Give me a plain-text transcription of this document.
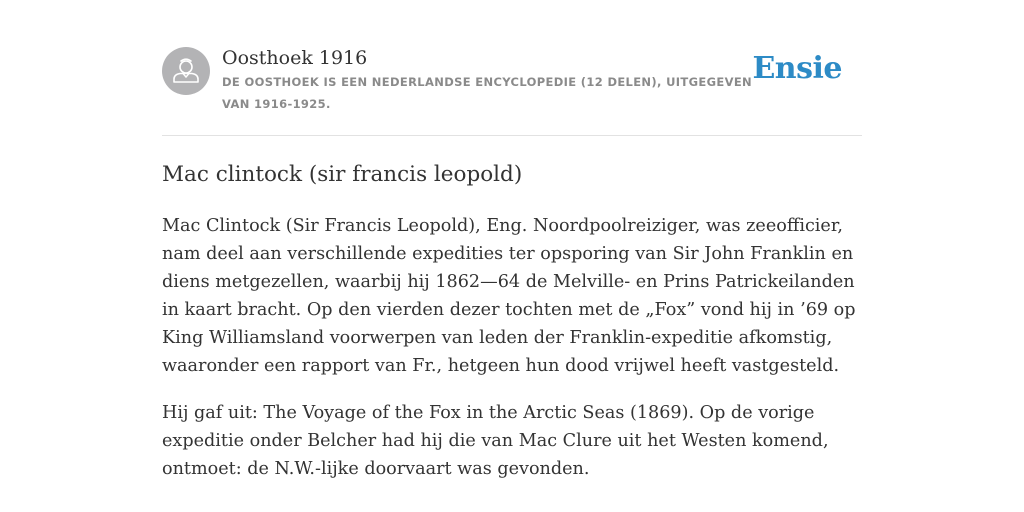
Oosthoek 1916

DE OOSTHOEK IS EEN NEDERLANDSE ENCYCLOPEDIE (12 DELEN), UITGEGEVEN VAN 1916-1925.

Ensie
Mac clintock (sir francis leopold)

Mac Clintock (Sir Francis Leopold), Eng. Noordpoolreiziger, was zeeofficier, nam deel aan verschillende expedities ter opsporing van Sir John Franklin en diens metgezellen, waarbij hij 1862—64 de Melville- en Prins Patrickeilanden in kaart bracht. Op den vierden dezer tochten met de „Fox” vond hij in ’69 op King Williamsland voorwerpen van leden der Franklin-expeditie afkomstig, waaronder een rapport van Fr., hetgeen hun dood vrijwel heeft vastgesteld.

Hij gaf uit: The Voyage of the Fox in the Arctic Seas (1869). Op de vorige expeditie onder Belcher had hij die van Mac Clure uit het Westen komend, ontmoet: de N.W.-lijke doorvaart was gevonden.
